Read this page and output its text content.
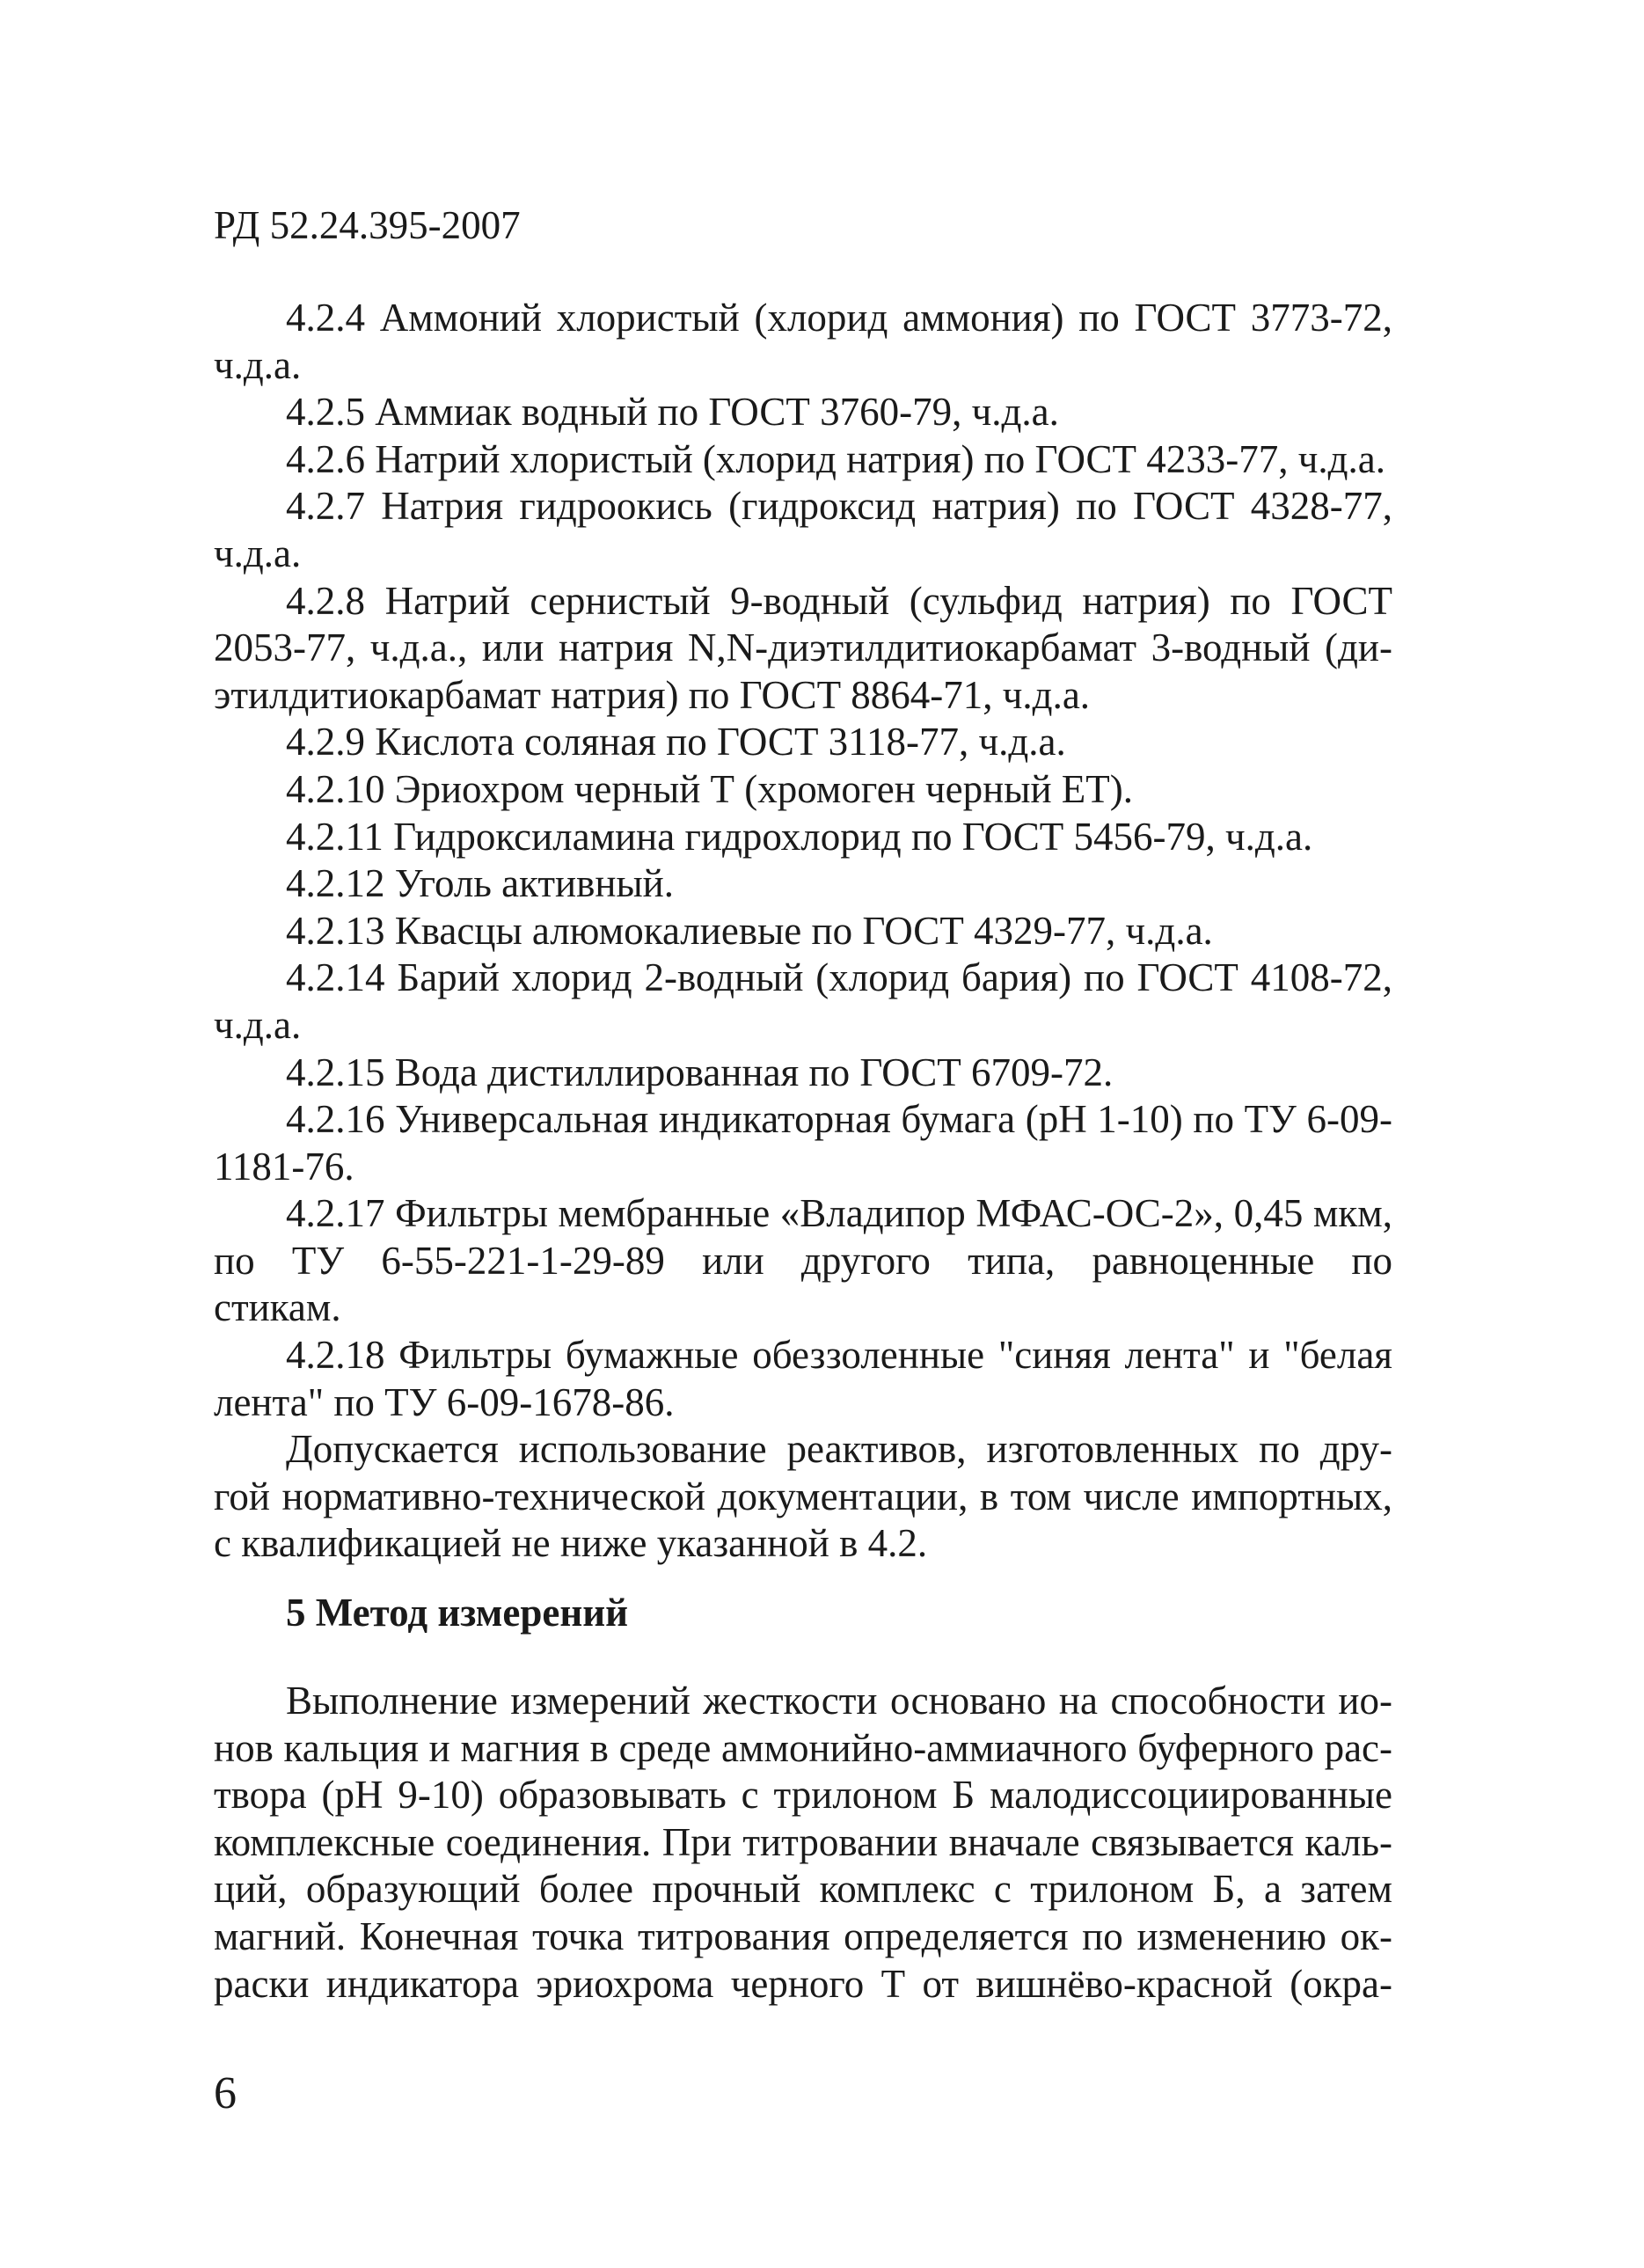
РД 52.24.395-2007
4.2.4 Аммоний хлористый (хлорид аммония) по ГОСТ 3773-72,
ч.д.а.
4.2.5 Аммиак водный по ГОСТ 3760-79, ч.д.а.
4.2.6 Натрий хлористый (хлорид натрия) по ГОСТ 4233-77, ч.д.а.
4.2.7 Натрия гидроокись (гидроксид натрия) по ГОСТ 4328-77,
ч.д.а.
4.2.8 Натрий сернистый 9-водный (сульфид натрия) по ГОСТ
2053-77, ч.д.а., или натрия N,N-диэтилдитиокарбамат 3-водный (ди-
этилдитиокарбамат натрия) по ГОСТ 8864-71, ч.д.а.
4.2.9 Кислота соляная по ГОСТ 3118-77, ч.д.а.
4.2.10 Эриохром черный Т (хромоген черный ЕТ).
4.2.11 Гидроксиламина гидрохлорид по ГОСТ 5456-79, ч.д.а.
4.2.12 Уголь активный.
4.2.13 Квасцы алюмокалиевые по ГОСТ 4329-77, ч.д.а.
4.2.14 Барий хлорид 2-водный (хлорид бария) по ГОСТ 4108-72,
ч.д.а.
4.2.15 Вода дистиллированная по ГОСТ 6709-72.
4.2.16 Универсальная индикаторная бумага (рН 1-10) по ТУ 6-09-
1181-76.
4.2.17 Фильтры мембранные «Владипор МФАС-ОС-2», 0,45 мкм,
по ТУ 6-55-221-1-29-89 или другого типа, равноценные по
стикам.
4.2.18 Фильтры бумажные обеззоленные "синяя лента" и "белая
лента" по ТУ 6-09-1678-86.
Допускается использование реактивов, изготовленных по дру-
гой нормативно-технической документации, в том числе импортных,
с квалификацией не ниже указанной в 4.2.
5 Метод измерений
Выполнение измерений жесткости основано на способности ио-
нов кальция и магния в среде аммонийно-аммиачного буферного рас-
твора (рН 9-10) образовывать с трилоном Б малодиссоциированные
комплексные соединения. При титровании вначале связывается каль-
ций, образующий более прочный комплекс с трилоном Б, а затем
магний. Конечная точка титрования определяется по изменению ок-
раски индикатора эриохрома черного Т от вишнёво-красной (окра-
6
